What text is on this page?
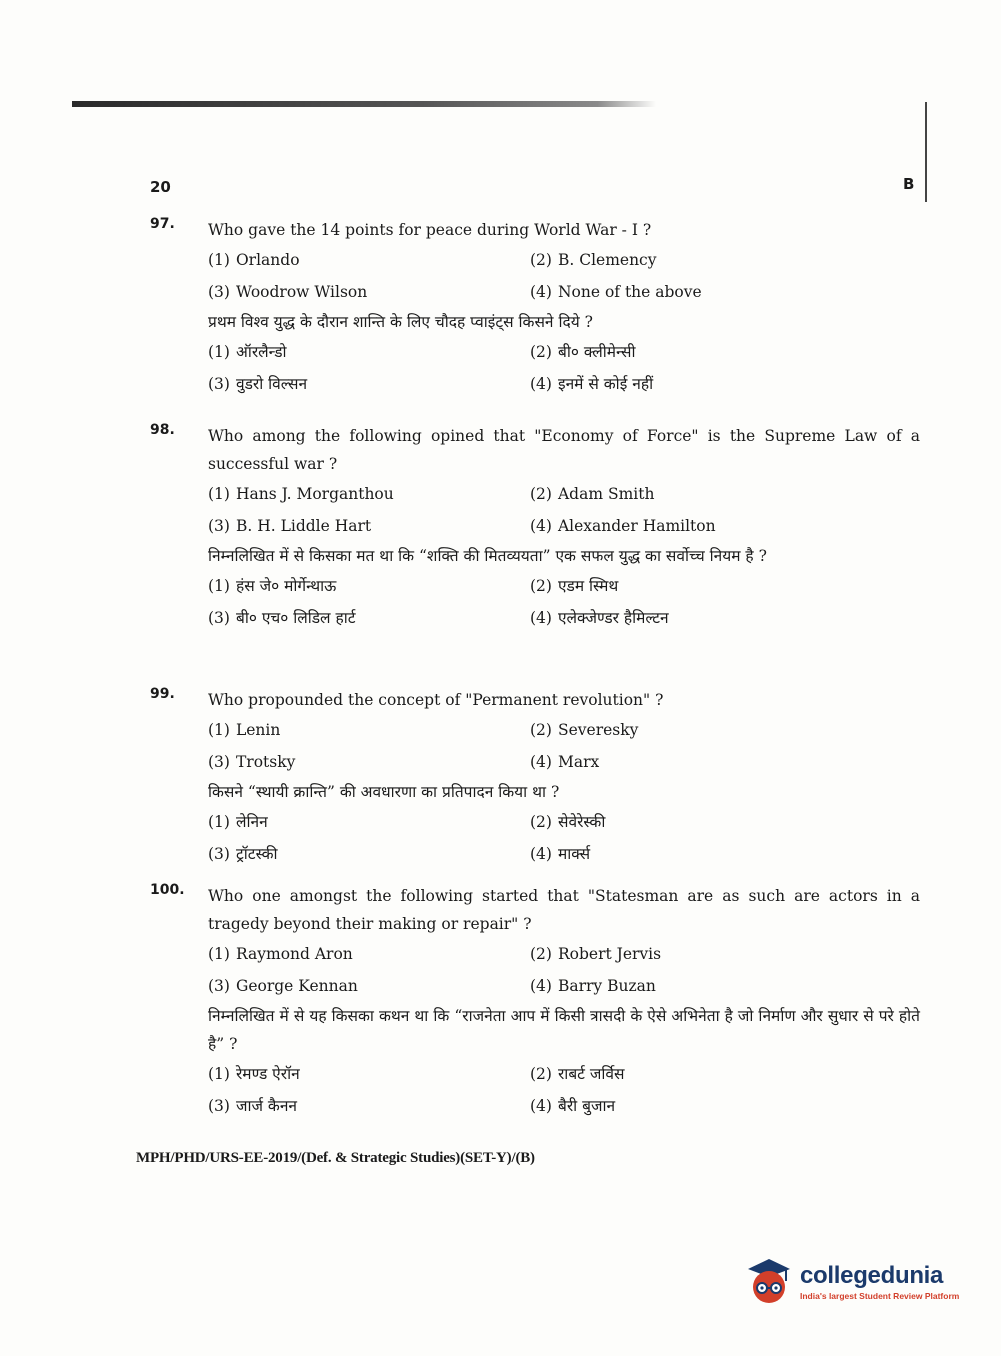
20	B
97.	Who gave the 14 points for peace during World War - I ?
(1) Orlando	(2) B. Clemency
(3) Woodrow Wilson	(4) None of the above
प्रथम विश्व युद्ध के दौरान शान्ति के लिए चौदह प्वाइंट्स किसने दिये ?
(1) ऑरलैन्डो	(2) बी० क्लीमेन्सी
(3) वुडरो विल्सन	(4) इनमें से कोई नहीं
98.	Who among the following opined that "Economy of Force" is the Supreme Law of a successful war ?
(1) Hans J. Morganthou	(2) Adam Smith
(3) B. H. Liddle Hart	(4) Alexander Hamilton
निम्नलिखित में से किसका मत था कि “शक्ति की मितव्ययता” एक सफल युद्ध का सर्वोच्च नियम है ?
(1) हंस जे० मोर्गेन्थाऊ	(2) एडम स्मिथ
(3) बी० एच० लिडिल हार्ट	(4) एलेक्जेण्डर हैमिल्टन
99.	Who propounded the concept of "Permanent revolution" ?
(1) Lenin	(2) Severesky
(3) Trotsky	(4) Marx
किसने “स्थायी क्रान्ति” की अवधारणा का प्रतिपादन किया था ?
(1) लेनिन	(2) सेवेरेस्की
(3) ट्रॉटस्की	(4) मार्क्स
100.	Who one amongst the following started that "Statesman are as such are actors in a tragedy beyond their making or repair" ?
(1) Raymond Aron	(2) Robert Jervis
(3) George Kennan	(4) Barry Buzan
निम्नलिखित में से यह किसका कथन था कि “राजनेता आप में किसी त्रासदी के ऐसे अभिनेता है जो निर्माण और सुधार से परे होते है” ?
(1) रेमण्ड ऐरॉन	(2) राबर्ट जर्विस
(3) जार्ज कैनन	(4) बैरी बुजान
MPH/PHD/URS-EE-2019/(Def. & Strategic Studies)(SET-Y)/(B)
collegedunia
India's largest Student Review Platform
